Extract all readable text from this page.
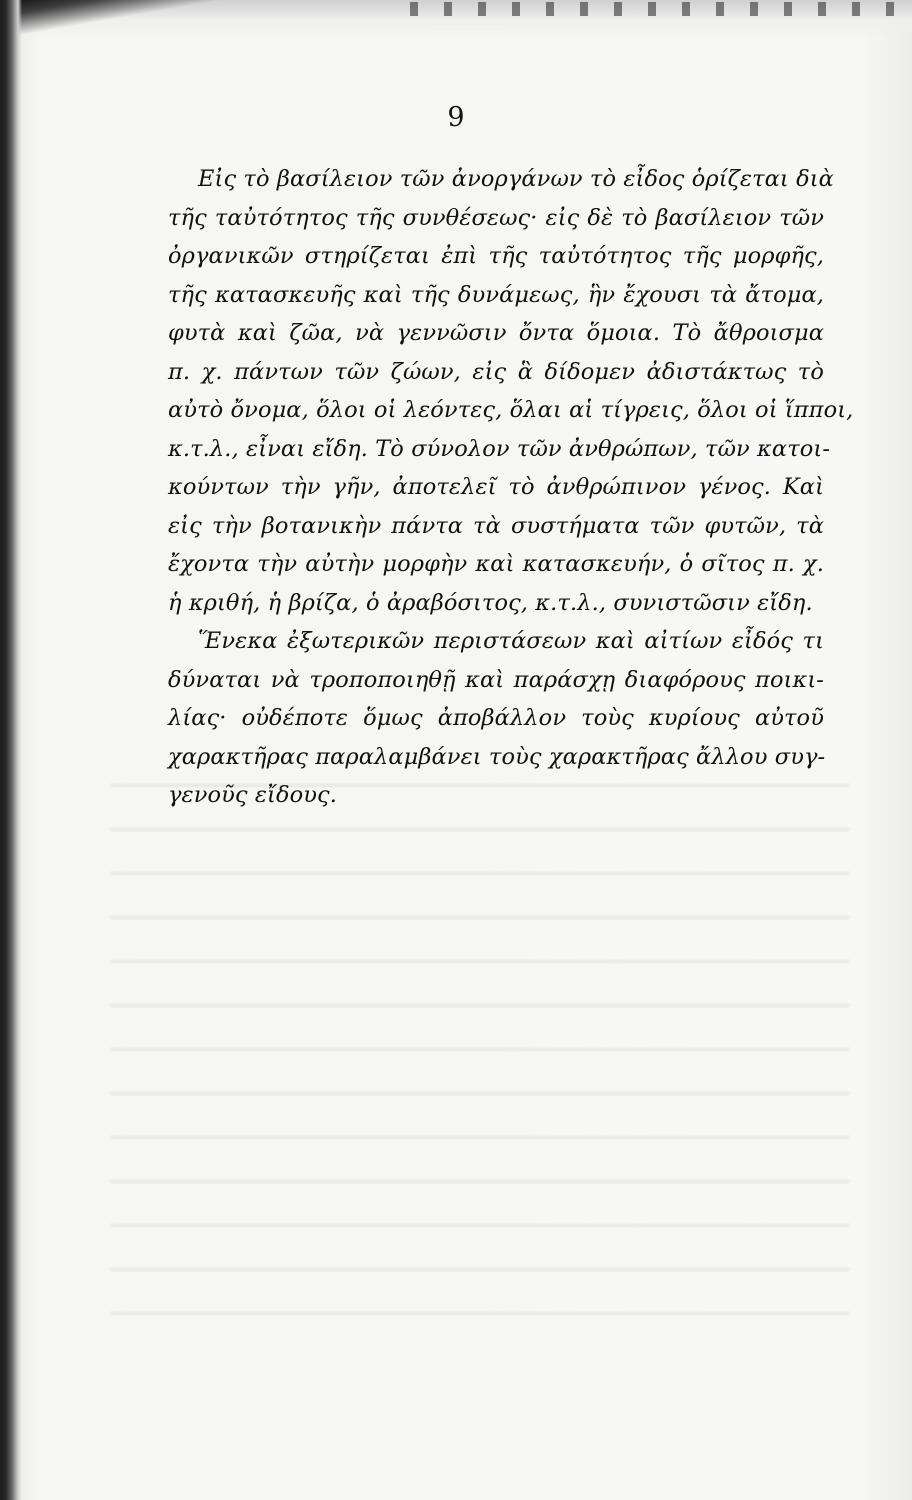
9
Εἰς τὸ βασίλειον τῶν ἀνοργάνων τὸ εἶδος ὁρίζεται διὰ
τῆς ταὐτότητος τῆς συνθέσεως· εἰς δὲ τὸ βασίλειον τῶν
ὀργανικῶν στηρίζεται ἐπὶ τῆς ταὐτότητος τῆς μορφῆς,
τῆς κατασκευῆς καὶ τῆς δυνάμεως, ἣν ἔχουσι τὰ ἄτομα,
φυτὰ καὶ ζῶα, νὰ γεννῶσιν ὄντα ὅμοια. Τὸ ἄθροισμα
π. χ. πάντων τῶν ζώων, εἰς ἃ δίδομεν ἀδιστάκτως τὸ
αὐτὸ ὄνομα, ὅλοι οἱ λεόντες, ὅλαι αἱ τίγρεις, ὅλοι οἱ ἵπποι,
κ.τ.λ., εἶναι εἴδη. Τὸ σύνολον τῶν ἀνθρώπων, τῶν κατοι-
κούντων τὴν γῆν, ἀποτελεῖ τὸ ἀνθρώπινον γένος. Καὶ
εἰς τὴν βοτανικὴν πάντα τὰ συστήματα τῶν φυτῶν, τὰ
ἔχοντα τὴν αὐτὴν μορφὴν καὶ κατασκευήν, ὁ σῖτος π. χ.
ἡ κριθή, ἡ βρίζα, ὁ ἀραβόσιτος, κ.τ.λ., συνιστῶσιν εἴδη.
Ἕνεκα ἐξωτερικῶν περιστάσεων καὶ αἰτίων εἶδός τι
δύναται νὰ τροποποιηθῇ καὶ παράσχῃ διαφόρους ποικι-
λίας· οὐδέποτε ὅμως ἀποβάλλον τοὺς κυρίους αὐτοῦ
χαρακτῆρας παραλαμβάνει τοὺς χαρακτῆρας ἄλλου συγ-
γενοῦς εἴδους.
